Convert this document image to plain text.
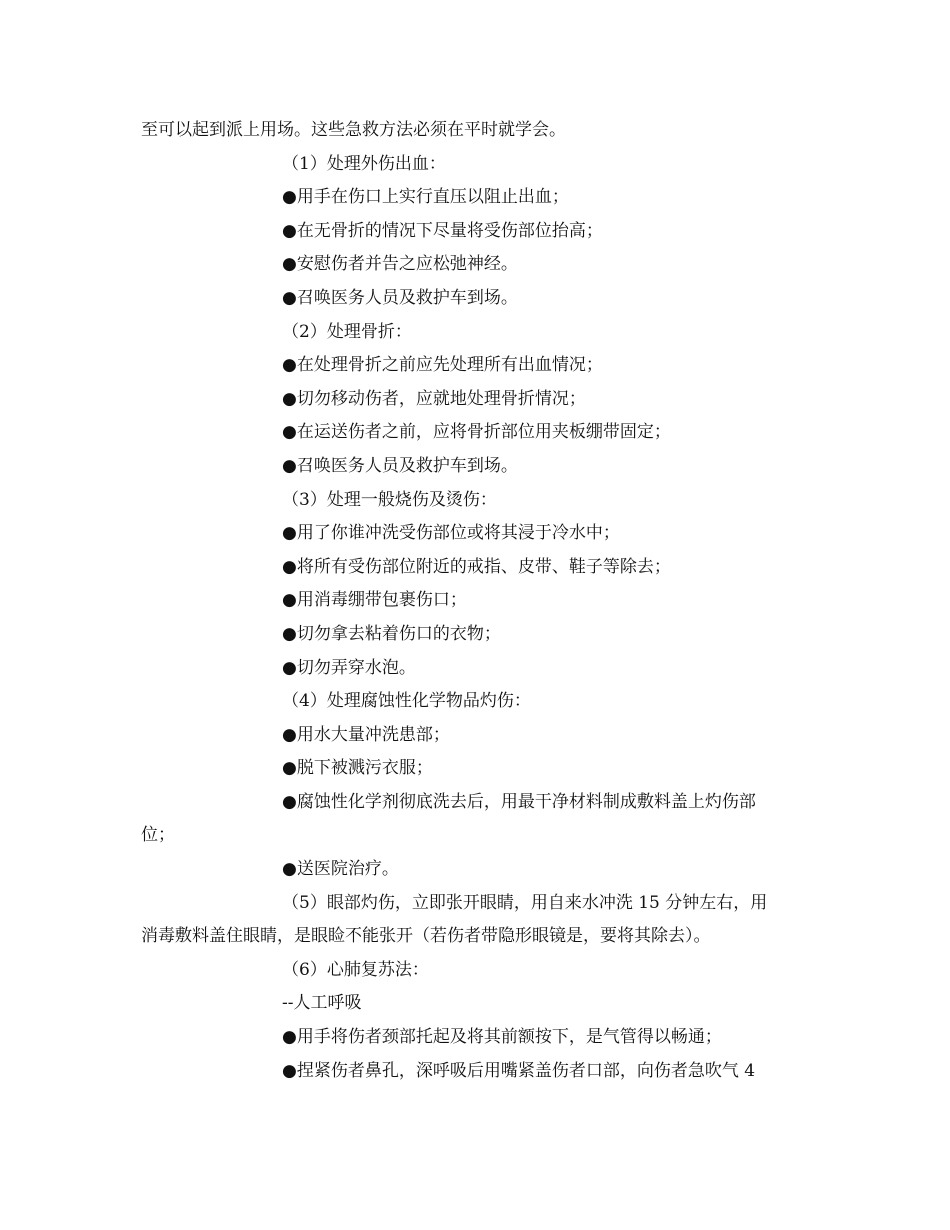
至可以起到派上用场。这些急救方法必须在平时就学会。
（1）处理外伤出血：
●用手在伤口上实行直压以阻止出血；
●在无骨折的情况下尽量将受伤部位抬高；
●安慰伤者并告之应松弛神经。
●召唤医务人员及救护车到场。
（2）处理骨折：
●在处理骨折之前应先处理所有出血情况；
●切勿移动伤者，应就地处理骨折情况；
●在运送伤者之前，应将骨折部位用夹板绷带固定；
●召唤医务人员及救护车到场。
（3）处理一般烧伤及烫伤：
●用了你谁冲洗受伤部位或将其浸于冷水中；
●将所有受伤部位附近的戒指、皮带、鞋子等除去；
●用消毒绷带包裹伤口；
●切勿拿去粘着伤口的衣物；
●切勿弄穿水泡。
（4）处理腐蚀性化学物品灼伤：
●用水大量冲洗患部；
●脱下被溅污衣服；
●腐蚀性化学剂彻底洗去后，用最干净材料制成敷料盖上灼伤部
位；
●送医院治疗。
（5）眼部灼伤，立即张开眼睛，用自来水冲洗 15 分钟左右，用
消毒敷料盖住眼睛，是眼睑不能张开（若伤者带隐形眼镜是，要将其除去）。
（6）心肺复苏法：
--人工呼吸
●用手将伤者颈部托起及将其前额按下，是气管得以畅通；
●捏紧伤者鼻孔，深呼吸后用嘴紧盖伤者口部，向伤者急吹气 4
